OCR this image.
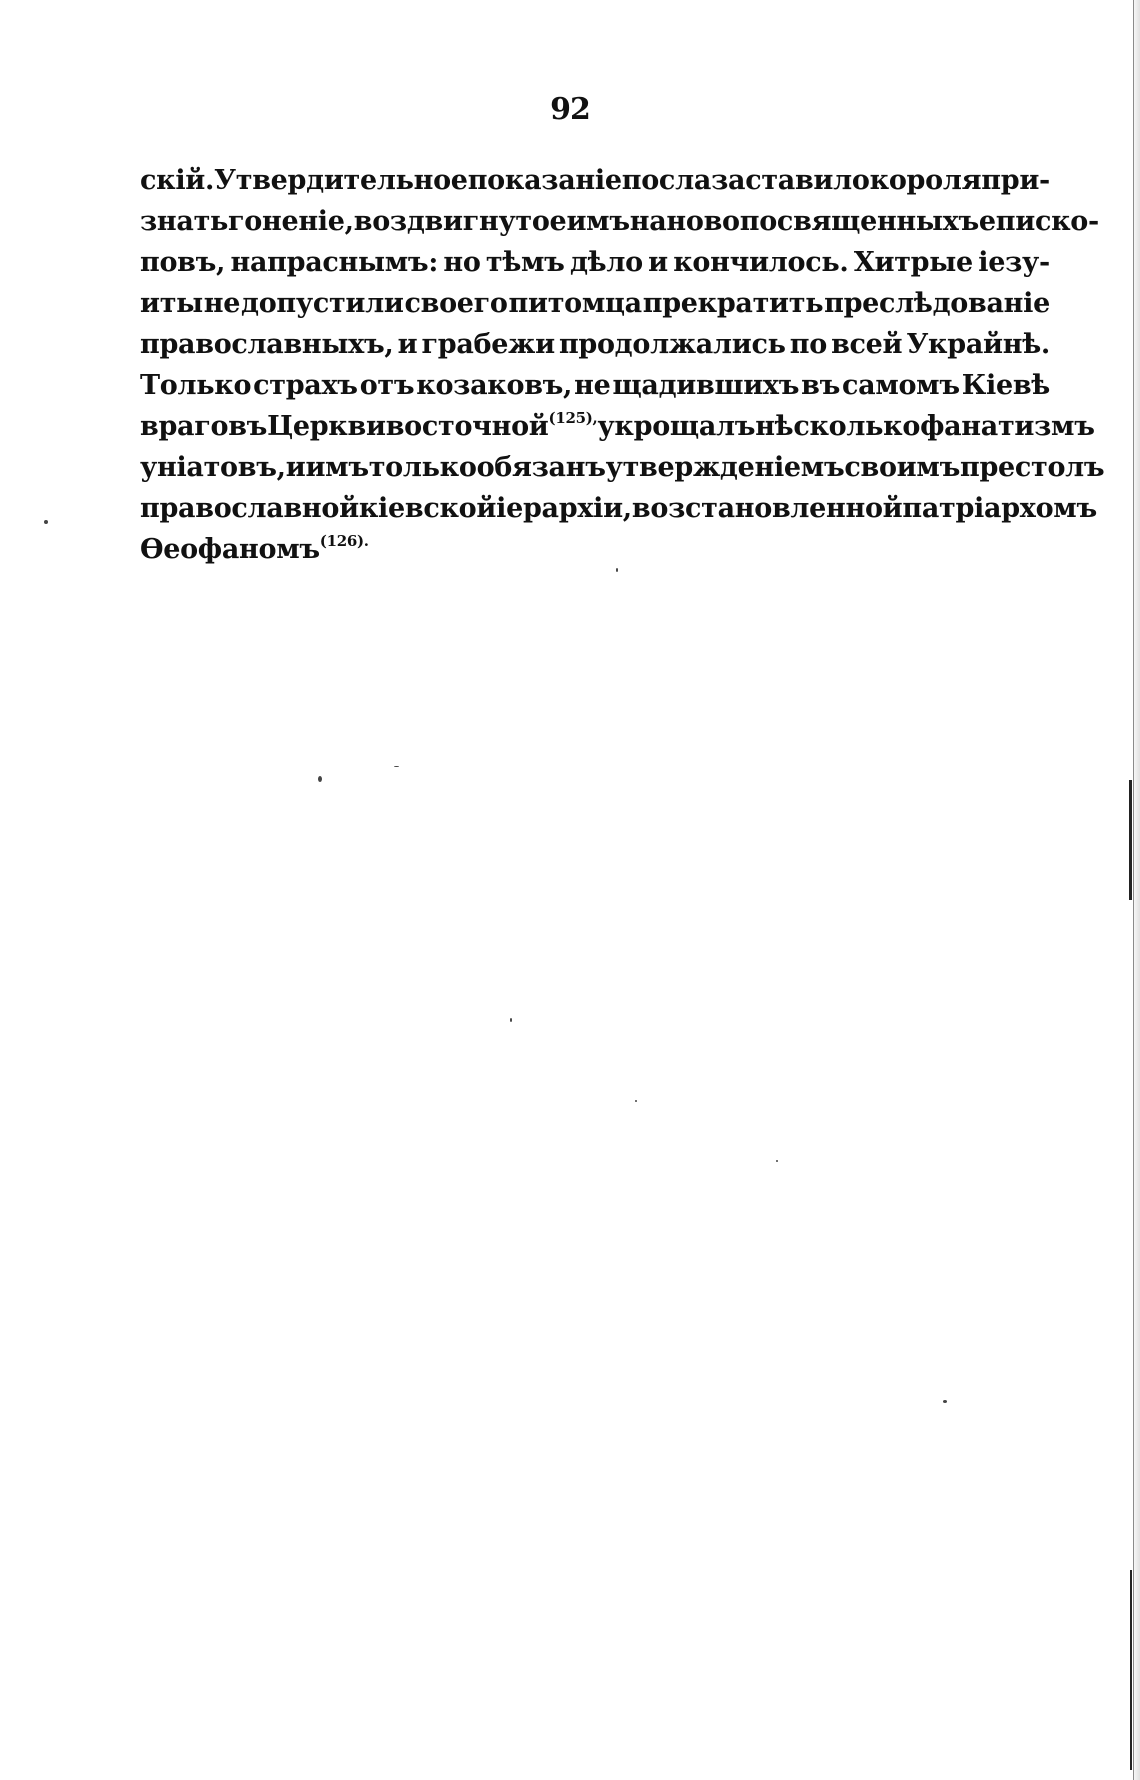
92
скій. Утвердительное показаніе посла заставило короля при-
знать гоненіе, воздвигнутое имъ на новопосвященныхъ еписко-
повъ, напраснымъ: но тѣмъ дѣло и кончилось. Хитрые іезу-
иты не допустили своего питомца прекратить преслѣдованіе
православныхъ, и грабежи продолжались по всей Украйнѣ.
Только страхъ отъ козаковъ, не щадившихъ въ самомъ Кіевѣ
враговъ Церкви восточной$^{(125),}$ укрощалъ нѣсколько фанатизмъ
уніатовъ, и имъ только обязанъ утвержденіемъ своимъ престолъ
православной кіевской іерархіи, возстановленной патріархомъ
Ѳeoфаномъ$^{(126).}$
